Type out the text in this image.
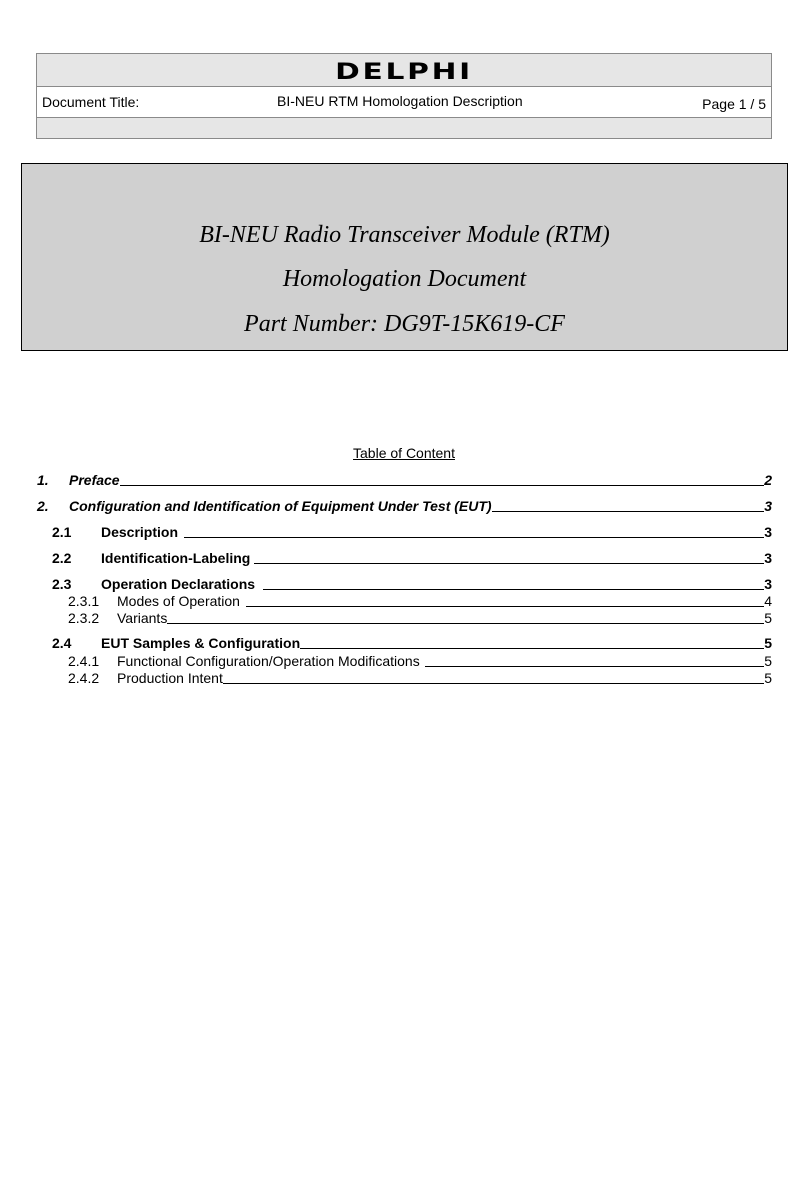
DELPHI
Document Title:	BI-NEU RTM Homologation Description	Page 1 / 5
BI-NEU Radio Transceiver Module (RTM)
Homologation Document
Part Number: DG9T-15K619-CF
Table of Content
1.	Preface	2
2.	Configuration and Identification of Equipment Under Test (EUT)	3
2.1	Description	3
2.2	Identification-Labeling	3
2.3	Operation Declarations	3
2.3.1	Modes of Operation	4
2.3.2	Variants	5
2.4	EUT Samples & Configuration	5
2.4.1	Functional Configuration/Operation Modifications	5
2.4.2	Production Intent	5
